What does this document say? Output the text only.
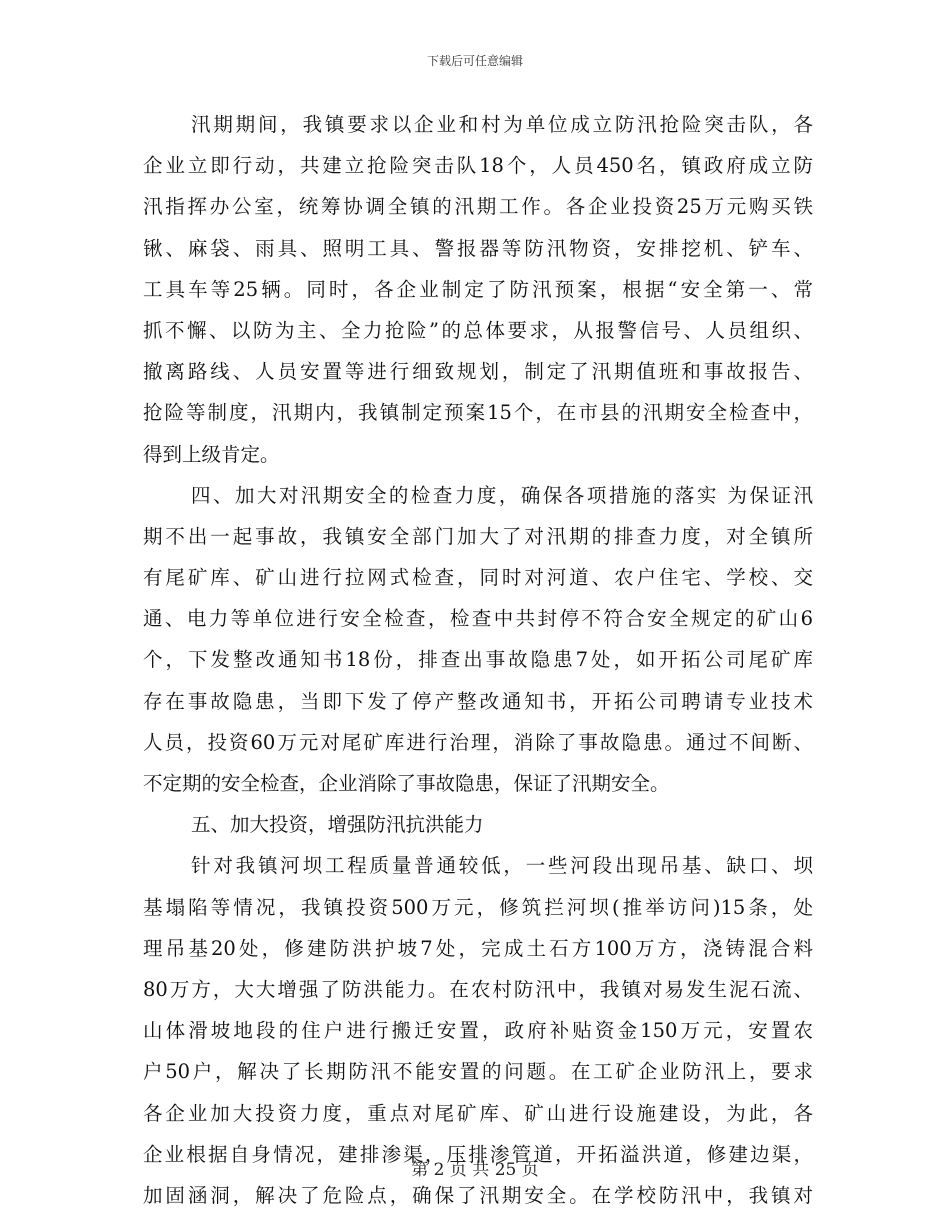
下载后可任意编辑
汛期期间，我镇要求以企业和村为单位成立防汛抢险突击队，各
企业立即行动，共建立抢险突击队18个，人员450名，镇政府成立防
汛指挥办公室，统筹协调全镇的汛期工作。各企业投资25万元购买铁
锹、麻袋、雨具、照明工具、警报器等防汛物资，安排挖机、铲车、
工具车等25辆。同时，各企业制定了防汛预案，根据“安全第一、常
抓不懈、以防为主、全力抢险”的总体要求，从报警信号、人员组织、
撤离路线、人员安置等进行细致规划，制定了汛期值班和事故报告、
抢险等制度，汛期内，我镇制定预案15个，在市县的汛期安全检查中，
得到上级肯定。
四、加大对汛期安全的检查力度，确保各项措施的落实 为保证汛
期不出一起事故，我镇安全部门加大了对汛期的排查力度，对全镇所
有尾矿库、矿山进行拉网式检查，同时对河道、农户住宅、学校、交
通、电力等单位进行安全检查，检查中共封停不符合安全规定的矿山6
个，下发整改通知书18份，排查出事故隐患7处，如开拓公司尾矿库
存在事故隐患，当即下发了停产整改通知书，开拓公司聘请专业技术
人员，投资60万元对尾矿库进行治理，消除了事故隐患。通过不间断、
不定期的安全检查，企业消除了事故隐患，保证了汛期安全。
五、加大投资，增强防汛抗洪能力
针对我镇河坝工程质量普通较低，一些河段出现吊基、缺口、坝
基塌陷等情况，我镇投资500万元，修筑拦河坝(推举访问)15条，处
理吊基20处，修建防洪护坡7处，完成土石方100万方，浇铸混合料
80万方，大大增强了防洪能力。在农村防汛中，我镇对易发生泥石流、
山体滑坡地段的住户进行搬迁安置，政府补贴资金150万元，安置农
户50户，解决了长期防汛不能安置的问题。在工矿企业防汛上，要求
各企业加大投资力度，重点对尾矿库、矿山进行设施建设，为此，各
企业根据自身情况，建排渗渠，压排渗管道，开拓溢洪道，修建边渠，
加固涵洞，解决了危险点，确保了汛期安全。在学校防汛中，我镇对
第 2 页 共 25 页
